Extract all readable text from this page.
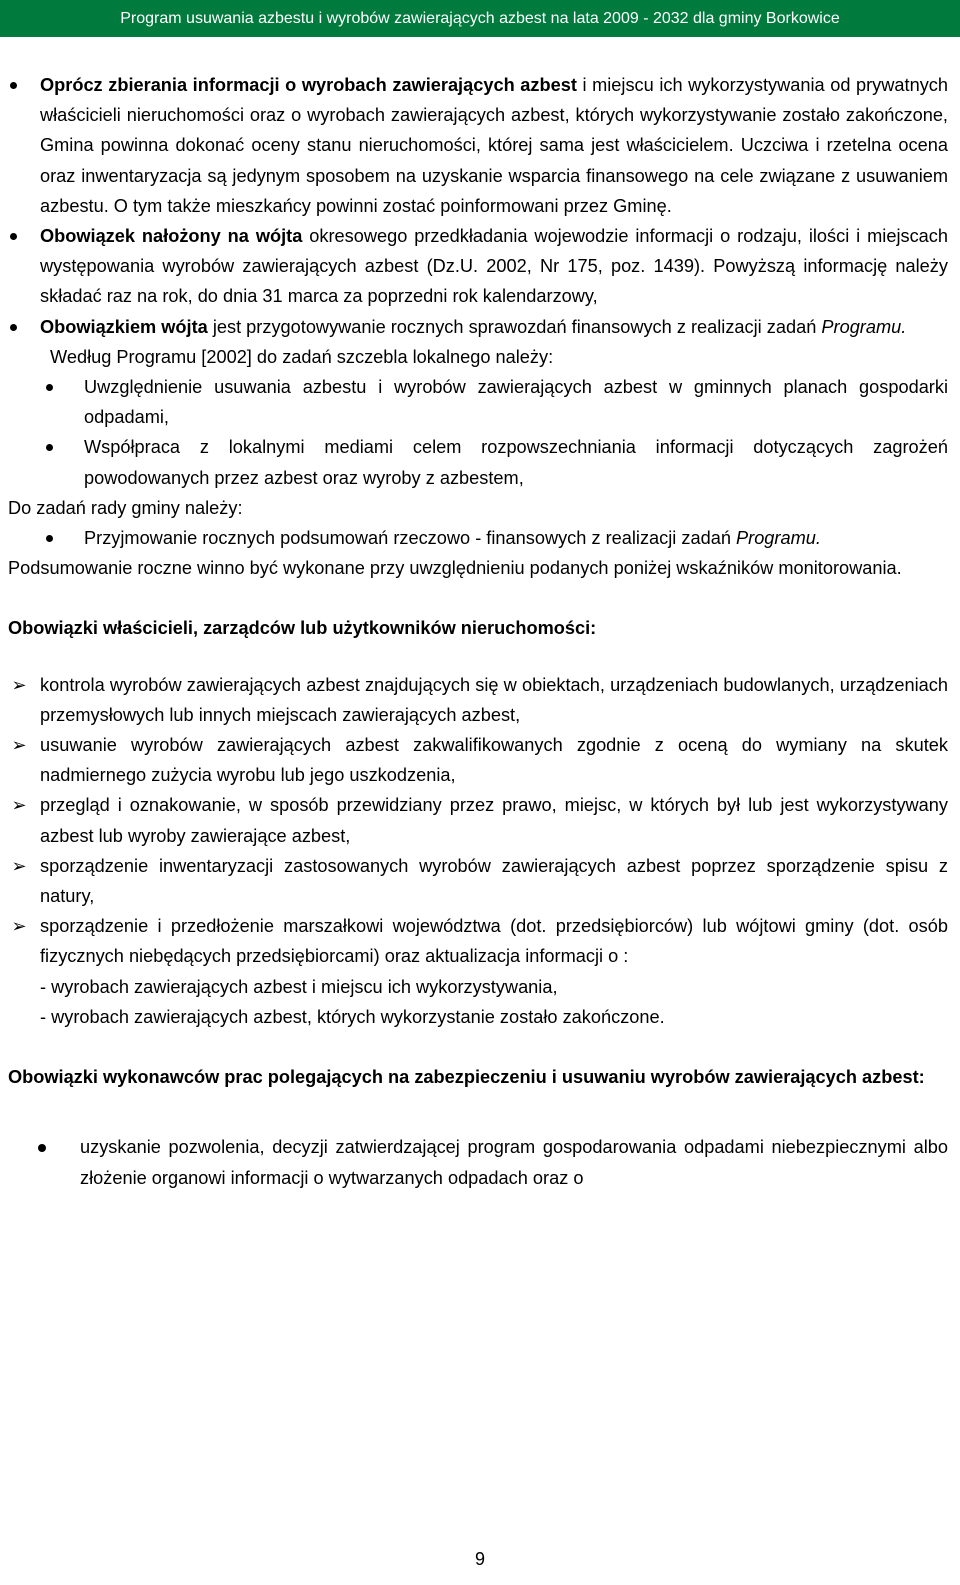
Program usuwania azbestu i wyrobów zawierających azbest na lata 2009 - 2032 dla gminy Borkowice
Oprócz zbierania informacji o wyrobach zawierających azbest i miejscu ich wykorzystywania od prywatnych właścicieli nieruchomości oraz o wyrobach zawierających azbest, których wykorzystywanie zostało zakończone, Gmina powinna dokonać oceny stanu nieruchomości, której sama jest właścicielem. Uczciwa i rzetelna ocena oraz inwentaryzacja są jedynym sposobem na uzyskanie wsparcia finansowego na cele związane z usuwaniem azbestu. O tym także mieszkańcy powinni zostać poinformowani przez Gminę.
Obowiązek nałożony na wójta okresowego przedkładania wojewodzie informacji o rodzaju, ilości i miejscach występowania wyrobów zawierających azbest (Dz.U. 2002, Nr 175, poz. 1439). Powyższą informację należy składać raz na rok, do dnia 31 marca za poprzedni rok kalendarzowy,
Obowiązkiem wójta jest przygotowywanie rocznych sprawozdań finansowych z realizacji zadań Programu.

Według Programu [2002] do zadań szczebla lokalnego należy:

Uwzględnienie usuwania azbestu i wyrobów zawierających azbest w gminnych planach gospodarki odpadami,
Współpraca z lokalnymi mediami celem rozpowszechniania informacji dotyczących zagrożeń powodowanych przez azbest oraz wyroby z azbestem,

Do zadań rady gminy należy:

Przyjmowanie rocznych podsumowań rzeczowo - finansowych z realizacji zadań Programu.

Podsumowanie roczne winno być wykonane przy uwzględnieniu podanych poniżej wskaźników monitorowania.

Obowiązki właścicieli, zarządców lub użytkowników nieruchomości:

➢ kontrola wyrobów zawierających azbest znajdujących się w obiektach, urządzeniach budowlanych, urządzeniach przemysłowych lub innych miejscach zawierających azbest,
➢ usuwanie wyrobów zawierających azbest zakwalifikowanych zgodnie z oceną do wymiany na skutek nadmiernego zużycia wyrobu lub jego uszkodzenia,
➢ przegląd i oznakowanie, w sposób przewidziany przez prawo, miejsc, w których był lub jest wykorzystywany azbest lub wyroby zawierające azbest,
➢ sporządzenie inwentaryzacji zastosowanych wyrobów zawierających azbest poprzez sporządzenie spisu z natury,
➢ sporządzenie i przedłożenie marszałkowi województwa (dot. przedsiębiorców) lub wójtowi gminy (dot. osób fizycznych niebędących przedsiębiorcami) oraz aktualizacja informacji o :

- wyrobach zawierających azbest i miejscu ich wykorzystywania,

- wyrobach zawierających azbest, których wykorzystanie zostało zakończone.

Obowiązki wykonawców prac polegających na zabezpieczeniu i usuwaniu wyrobów zawierających azbest:

uzyskanie pozwolenia, decyzji zatwierdzającej program gospodarowania odpadami niebezpiecznymi albo złożenie organowi informacji o wytwarzanych odpadach oraz o
9
